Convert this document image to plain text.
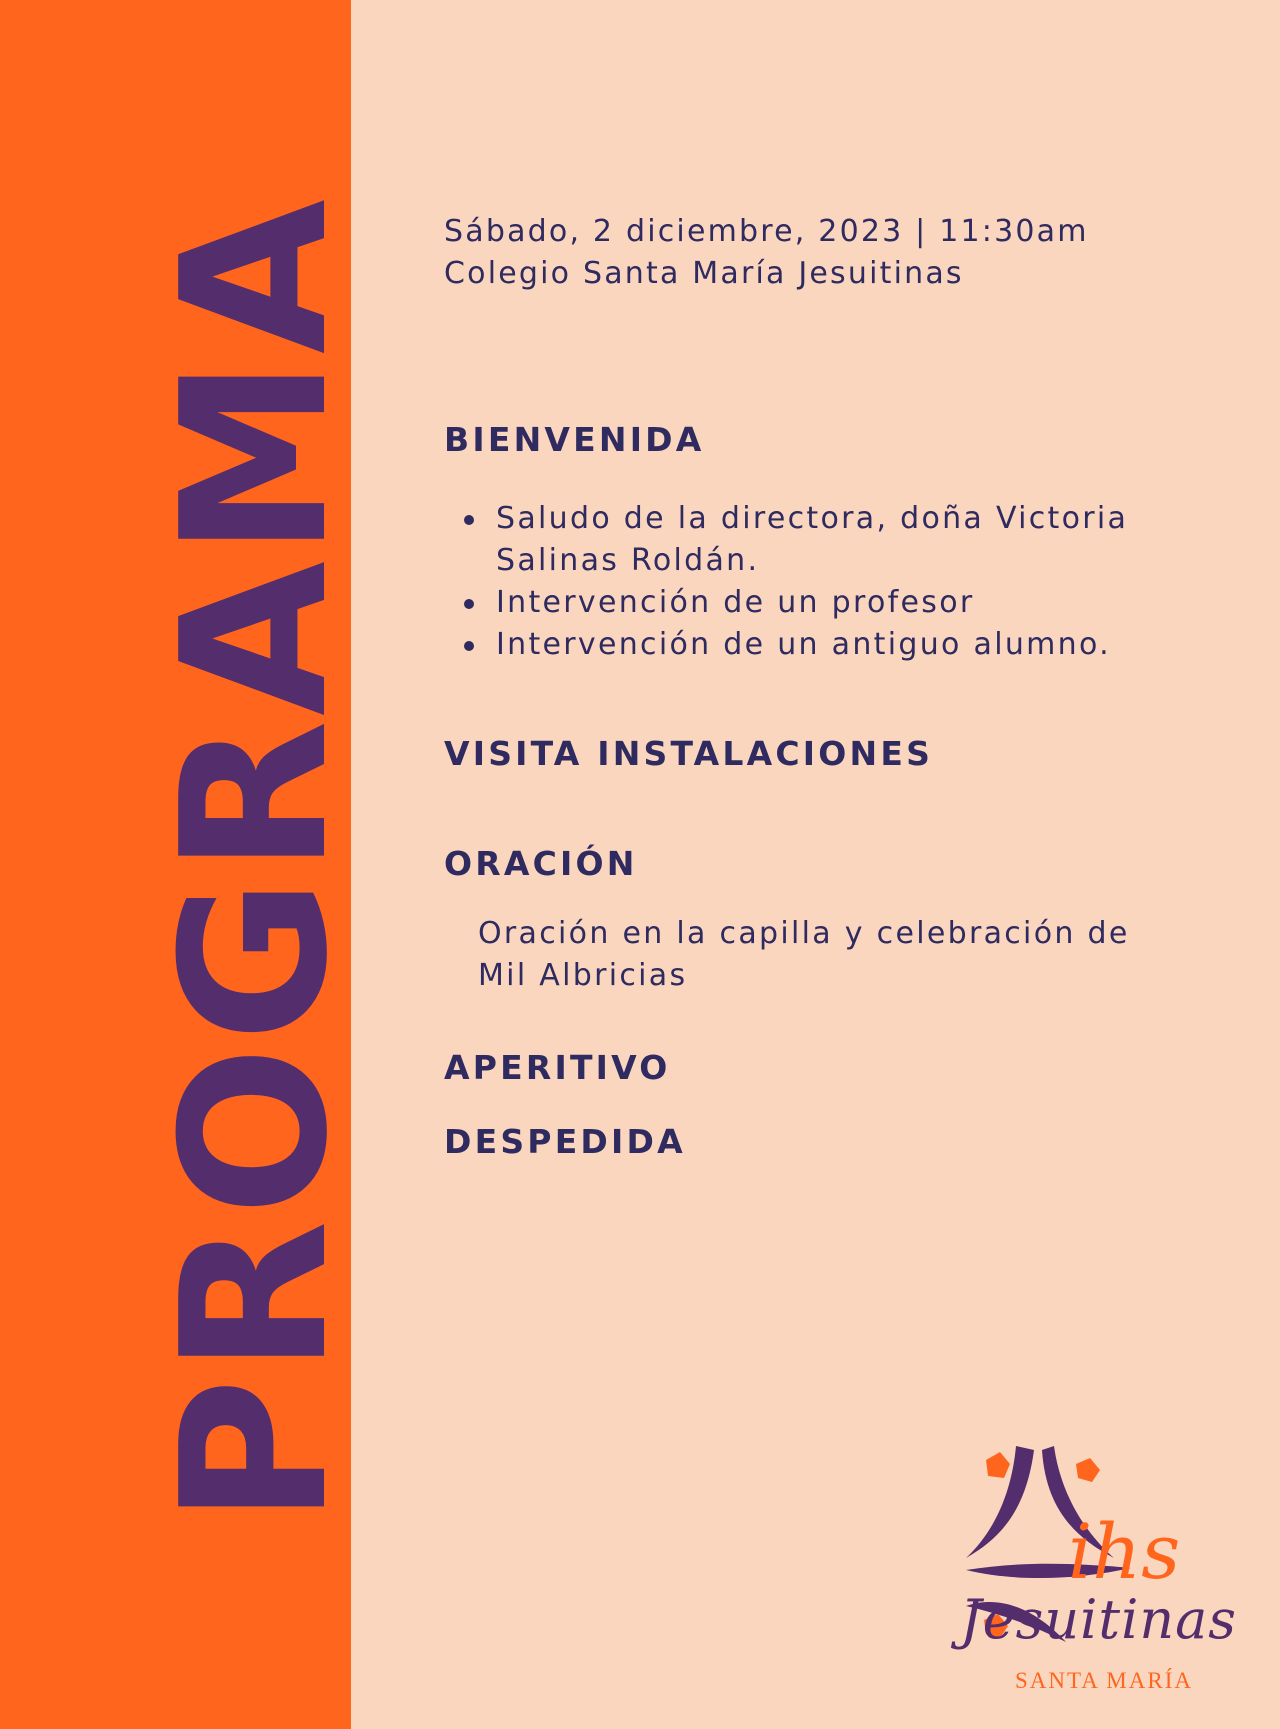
PROGRAMA Sábado, 2 diciembre, 2023 | 11:30am
Colegio Santa María Jesuitinas
BIENVENIDA
Saludo de la directora, doña Victoria Salinas Roldán.
Intervención de un profesor
Intervención de un antiguo alumno.
VISITA INSTALACIONES
ORACIÓN
Oración en la capilla y celebración de Mil Albricias
APERITIVO
DESPEDIDA
ihs
Jesuitinas
SANTA MARÍA
